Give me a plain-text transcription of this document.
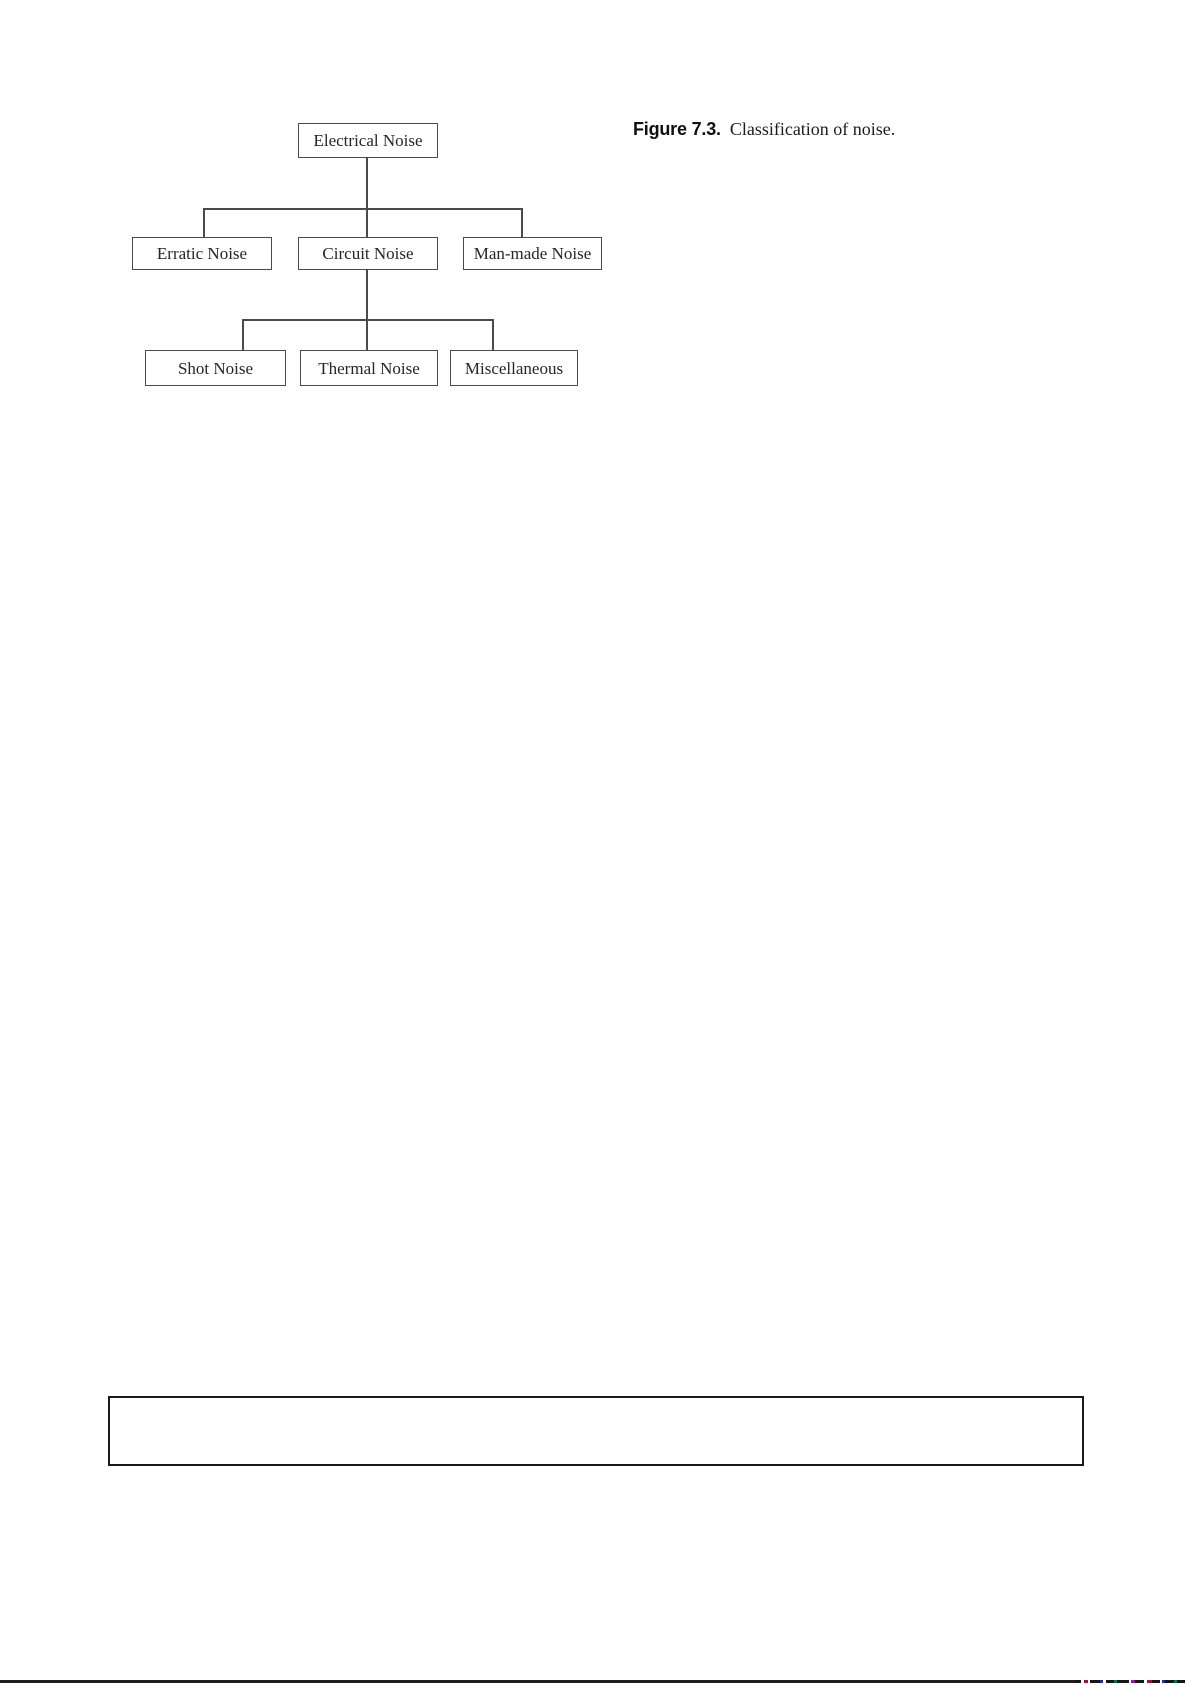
Electrical Noise
Erratic Noise	Circuit Noise	Man-made Noise
Shot Noise	Thermal Noise	Miscellaneous
Figure 7.3. Classification of noise.
